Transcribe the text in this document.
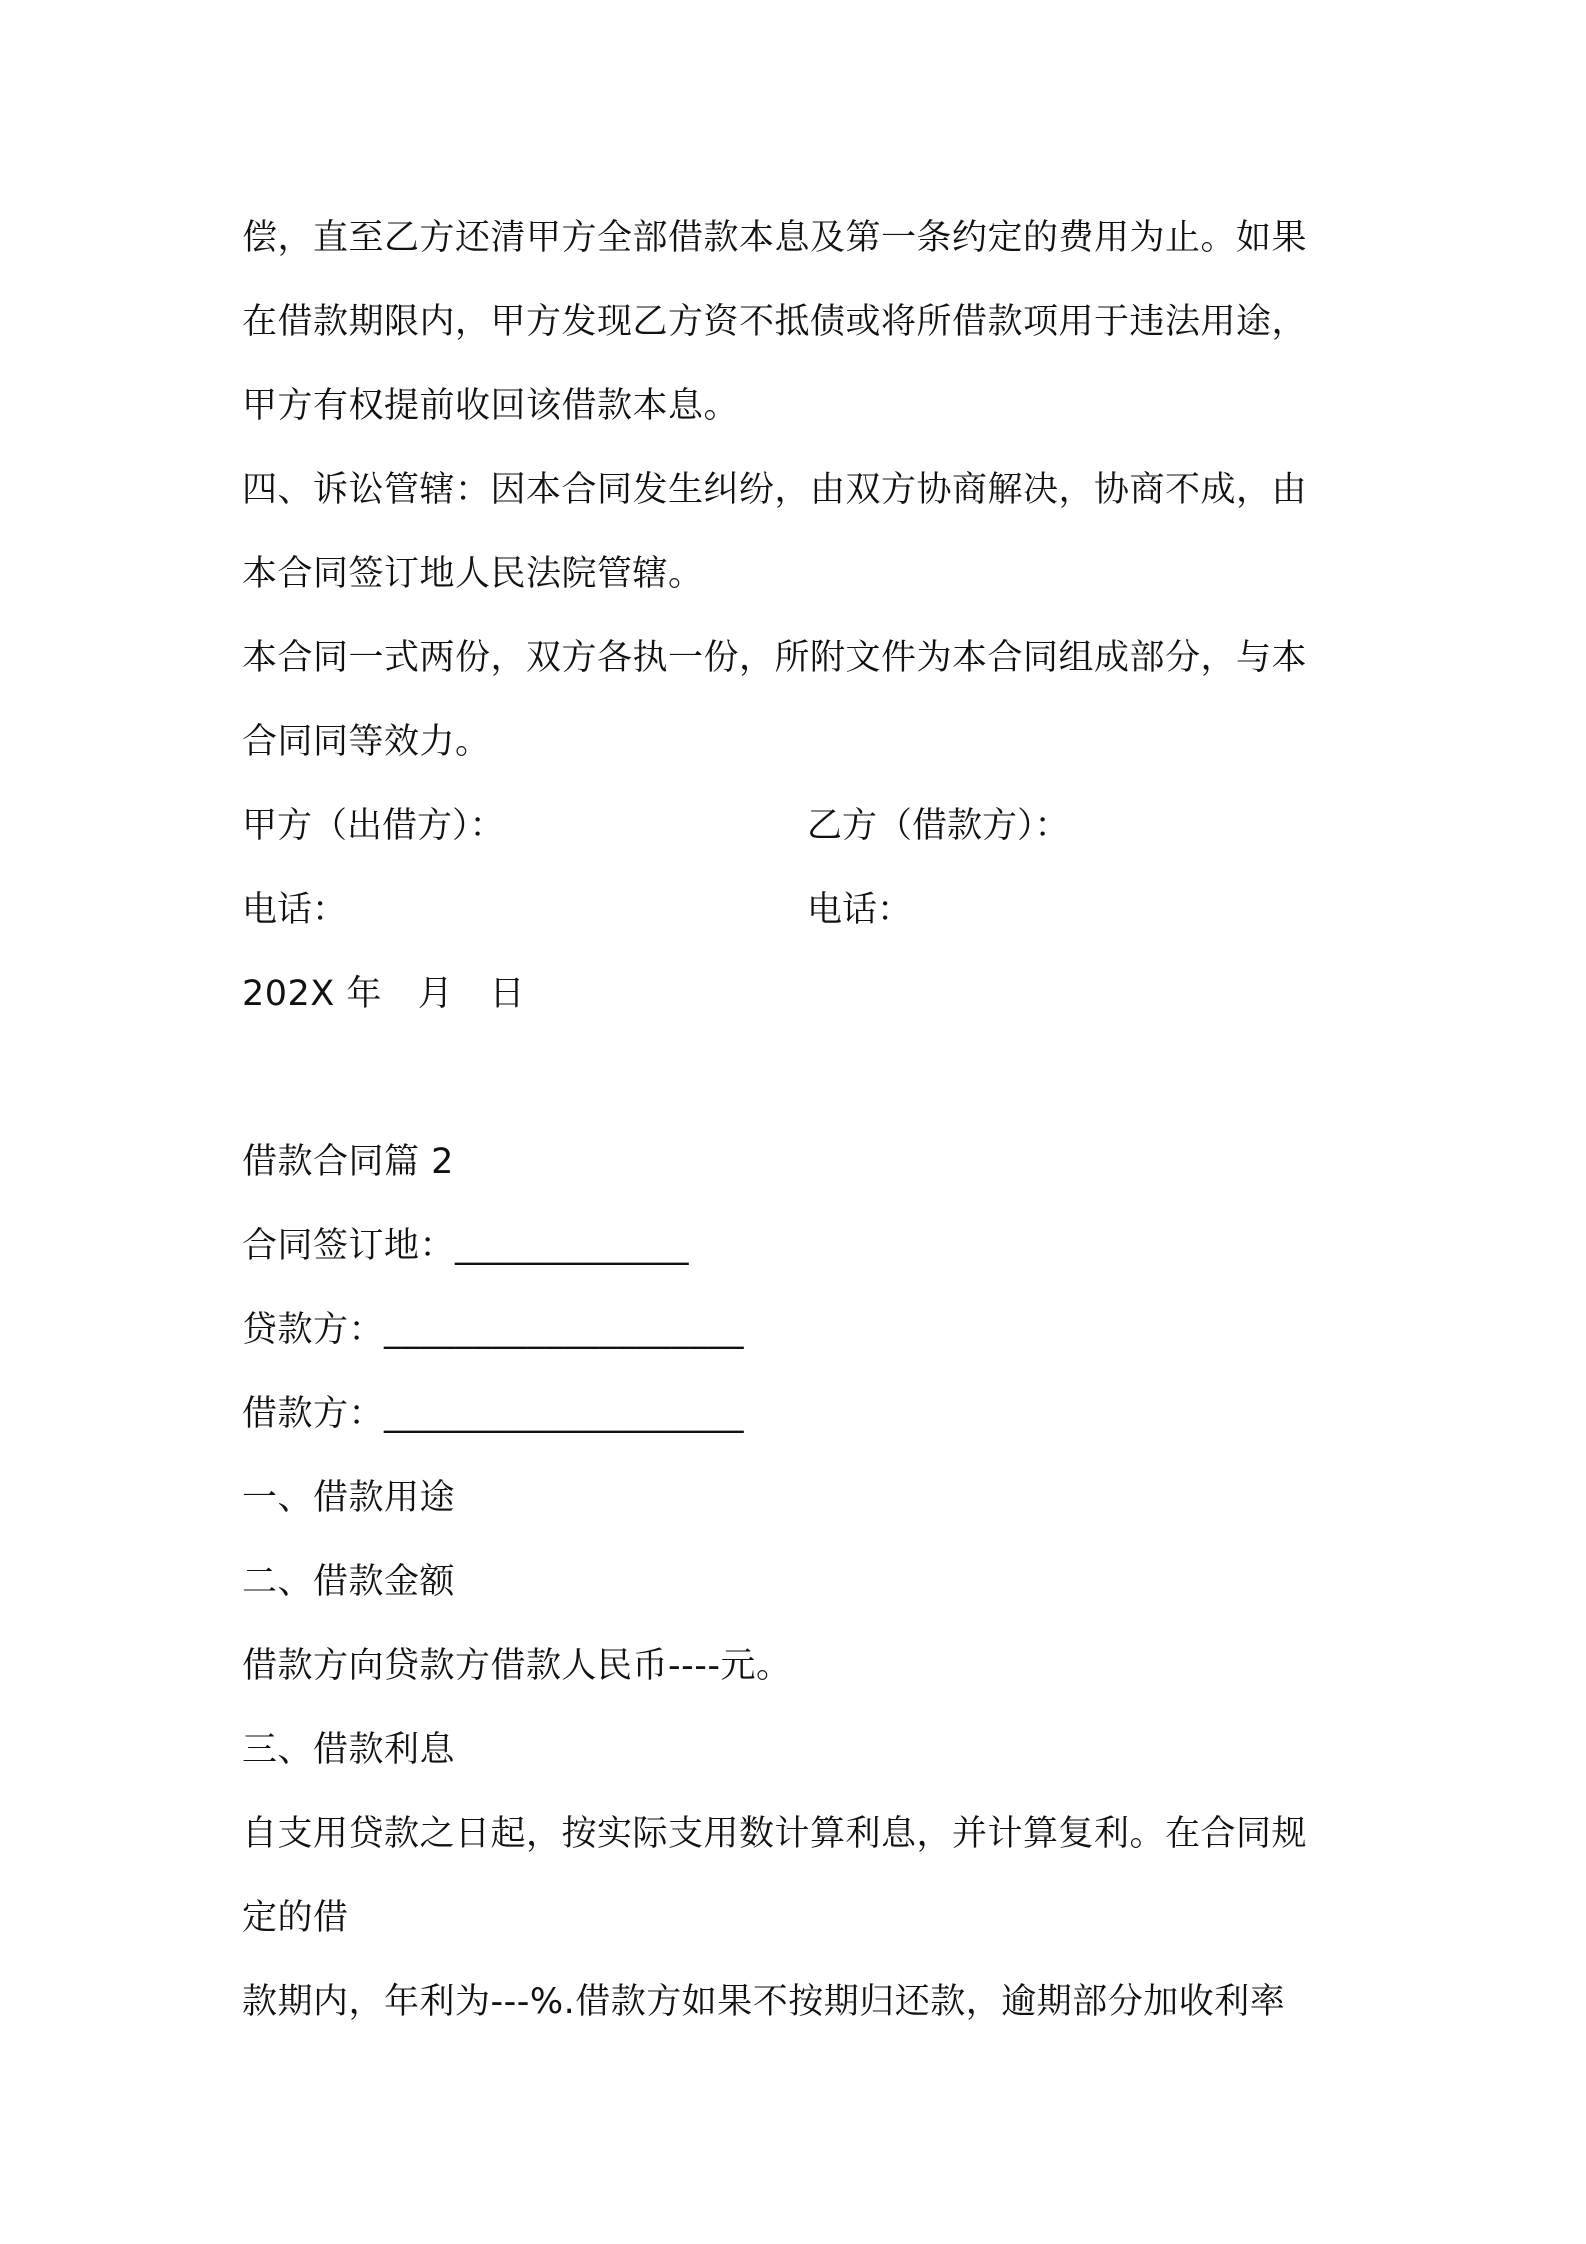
偿，直至乙方还清甲方全部借款本息及第一条约定的费用为止。如果
在借款期限内，甲方发现乙方资不抵债或将所借款项用于违法用途，
甲方有权提前收回该借款本息。
四、诉讼管辖：因本合同发生纠纷，由双方协商解决，协商不成，由
本合同签订地人民法院管辖。
本合同一式两份，双方各执一份，所附文件为本合同组成部分，与本
合同同等效力。
甲方（出借方）：	乙方（借款方）：
电话：	电话：
202X 年 月 日
借款合同篇 2
合同签订地：_____________
贷款方：____________________
借款方：____________________
一、借款用途
二、借款金额
借款方向贷款方借款人民币----元。
三、借款利息
自支用贷款之日起，按实际支用数计算利息，并计算复利。在合同规
定的借
款期内，年利为---%.借款方如果不按期归还款，逾期部分加收利率
